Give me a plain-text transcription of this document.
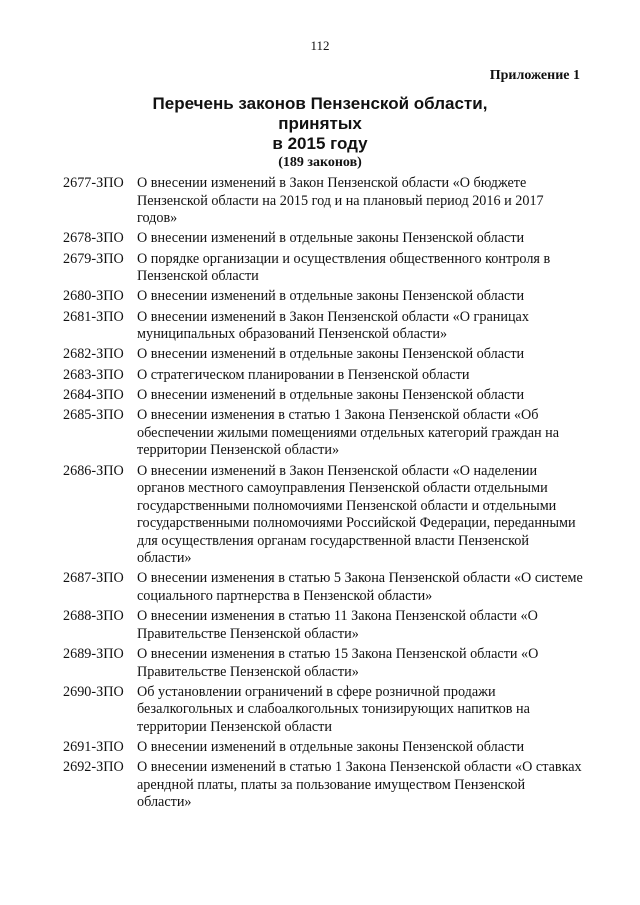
112
Приложение 1
Перечень законов Пензенской области, принятых
в 2015 году
(189 законов)
2677-ЗПО О внесении изменений в Закон Пензенской области «О бюджете Пензенской области на 2015 год и на плановый период 2016 и 2017 годов»
2678-ЗПО О внесении изменений в отдельные законы Пензенской области
2679-ЗПО О порядке организации и осуществления общественного контроля в Пензенской области
2680-ЗПО О внесении изменений в отдельные законы Пензенской области
2681-ЗПО О внесении изменений в Закон Пензенской области «О границах муниципальных образований Пензенской области»
2682-ЗПО О внесении изменений в отдельные законы Пензенской области
2683-ЗПО О стратегическом планировании в Пензенской области
2684-ЗПО О внесении изменений в отдельные законы Пензенской области
2685-ЗПО О внесении изменения в статью 1 Закона Пензенской области «Об обеспечении жилыми помещениями отдельных категорий граждан на территории Пензенской области»
2686-ЗПО О внесении изменений в Закон Пензенской области «О наделении органов местного самоуправления Пензенской области отдельными государственными полномочиями Пензенской области и отдельными государственными полномочиями Российской Федерации, переданными для осуществления органам государственной власти Пензенской области»
2687-ЗПО О внесении изменения в статью 5 Закона Пензенской области «О системе социального партнерства в Пензенской области»
2688-ЗПО О внесении изменения в статью 11 Закона Пензенской области «О Правительстве Пензенской области»
2689-ЗПО О внесении изменения в статью 15 Закона Пензенской области «О Правительстве Пензенской области»
2690-ЗПО Об установлении ограничений в сфере розничной продажи безалкогольных и слабоалкогольных тонизирующих напитков на территории Пензенской области
2691-ЗПО О внесении изменений в отдельные законы Пензенской области
2692-ЗПО О внесении изменений в статью 1 Закона Пензенской области «О ставках арендной платы, платы за пользование имуществом Пензенской области»
